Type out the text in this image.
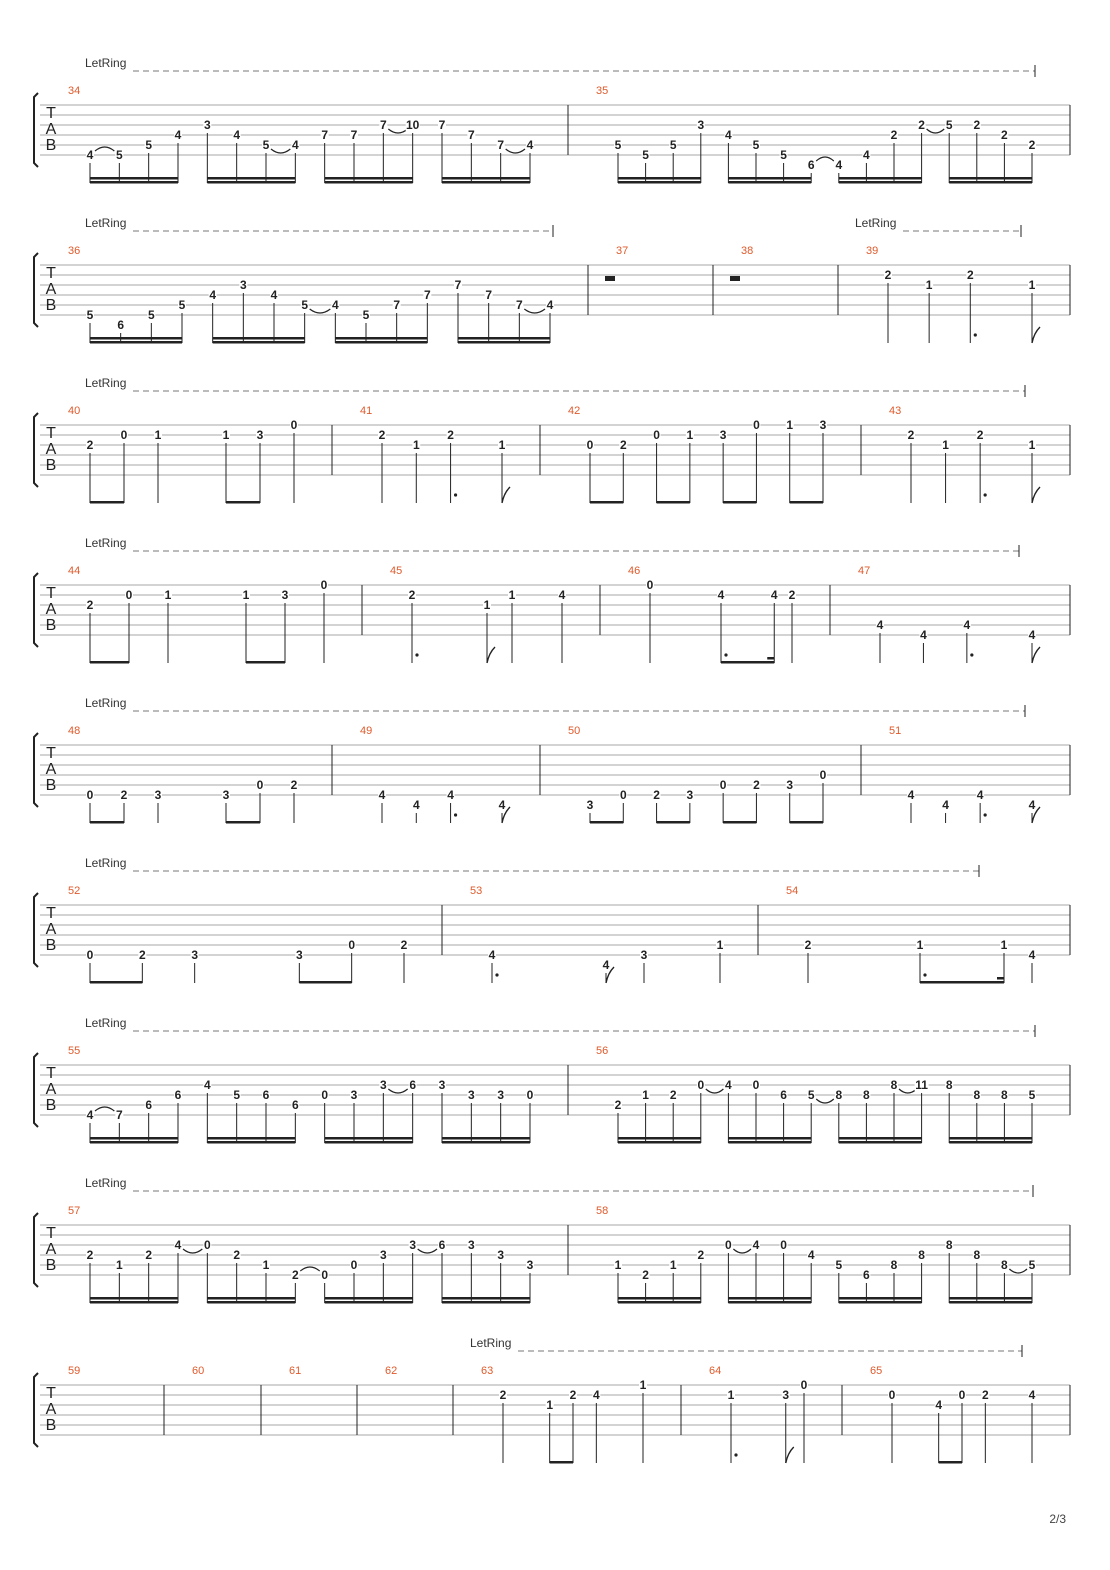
T
A
B
LetRing
34
4 5
5
4
3
4
5 4
7 7
7 10 7
7
7 4
35
5
5
5
3
4
5
5
6 4
4
2
2 5 2
2
2
T
A
B
LetRing	LetRing
36
5
6
5
5
4
3
4
5 4
5
7
7
7
7
7 4
37	38	39
2
1
2
1
T
A
B
LetRing
40
2
0 1	1 3
0
41
2
1
2
1
42
0 2
0 1 3
0 1 3
43
2
1
2
1
T
A
B
LetRing
44
2
0	1	1	3
0
45
2
1
1	4
46
0
4	4 2
47
4
4
4
4
T
A
B
LetRing
48
0 2 3	3
0 2
49
4
4
4
4
50
3
0 2 3
0 2 3
0
51
4
4
4
4
T
A
B
LetRing
52
0	2	3	3
0	2
53
4
4
3
1
54
2	1	1
4
T
A
B
LetRing
55
4 7
6
6
4
5 6
6
0 3
3 6 3
3 3 0
56
2
1 2
0 4 0
6 5 8 8
8 11 8
8 8 5
T
A
B
LetRing
57
2
1
2
4 0
2
1
2 0
0
3
3 6 3
3
3
58
1
2
1
2
0 4 0
4
5
6
8
8
8
8
8 5
T
A
B
LetRing
59	60	61	62	63
2
1
2 4
1
64
1	3
0
65
0
4
0 2	4
2/3
